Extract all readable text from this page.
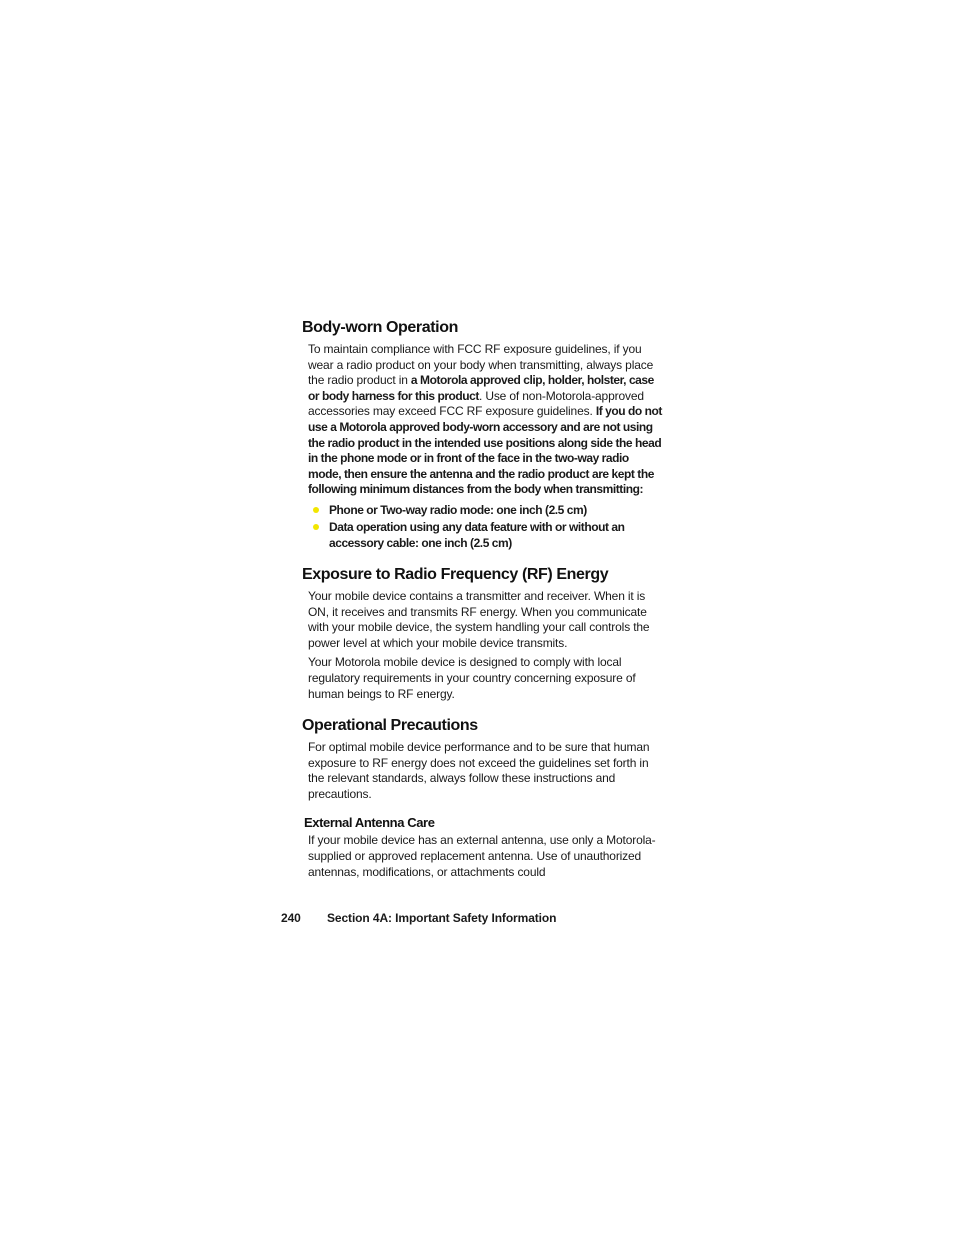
Body-worn Operation

To maintain compliance with FCC RF exposure guidelines, if you wear a radio product on your body when transmitting, always place the radio product in a Motorola approved clip, holder, holster, case or body harness for this product. Use of non-Motorola-approved accessories may exceed FCC RF exposure guidelines. If you do not use a Motorola approved body-worn accessory and are not using the radio product in the intended use positions along side the head in the phone mode or in front of the face in the two-way radio mode, then ensure the antenna and the radio product are kept the following minimum distances from the body when transmitting:

Phone or Two-way radio mode: one inch (2.5 cm)
Data operation using any data feature with or without an accessory cable: one inch (2.5 cm)
Exposure to Radio Frequency (RF) Energy

Your mobile device contains a transmitter and receiver. When it is ON, it receives and transmits RF energy. When you communicate with your mobile device, the system handling your call controls the power level at which your mobile device transmits.

Your Motorola mobile device is designed to comply with local regulatory requirements in your country concerning exposure of human beings to RF energy.

Operational Precautions

For optimal mobile device performance and to be sure that human exposure to RF energy does not exceed the guidelines set forth in the relevant standards, always follow these instructions and precautions.

External Antenna Care

If your mobile device has an external antenna, use only a Motorola-supplied or approved replacement antenna. Use of unauthorized antennas, modifications, or attachments could

240 Section 4A: Important Safety Information
